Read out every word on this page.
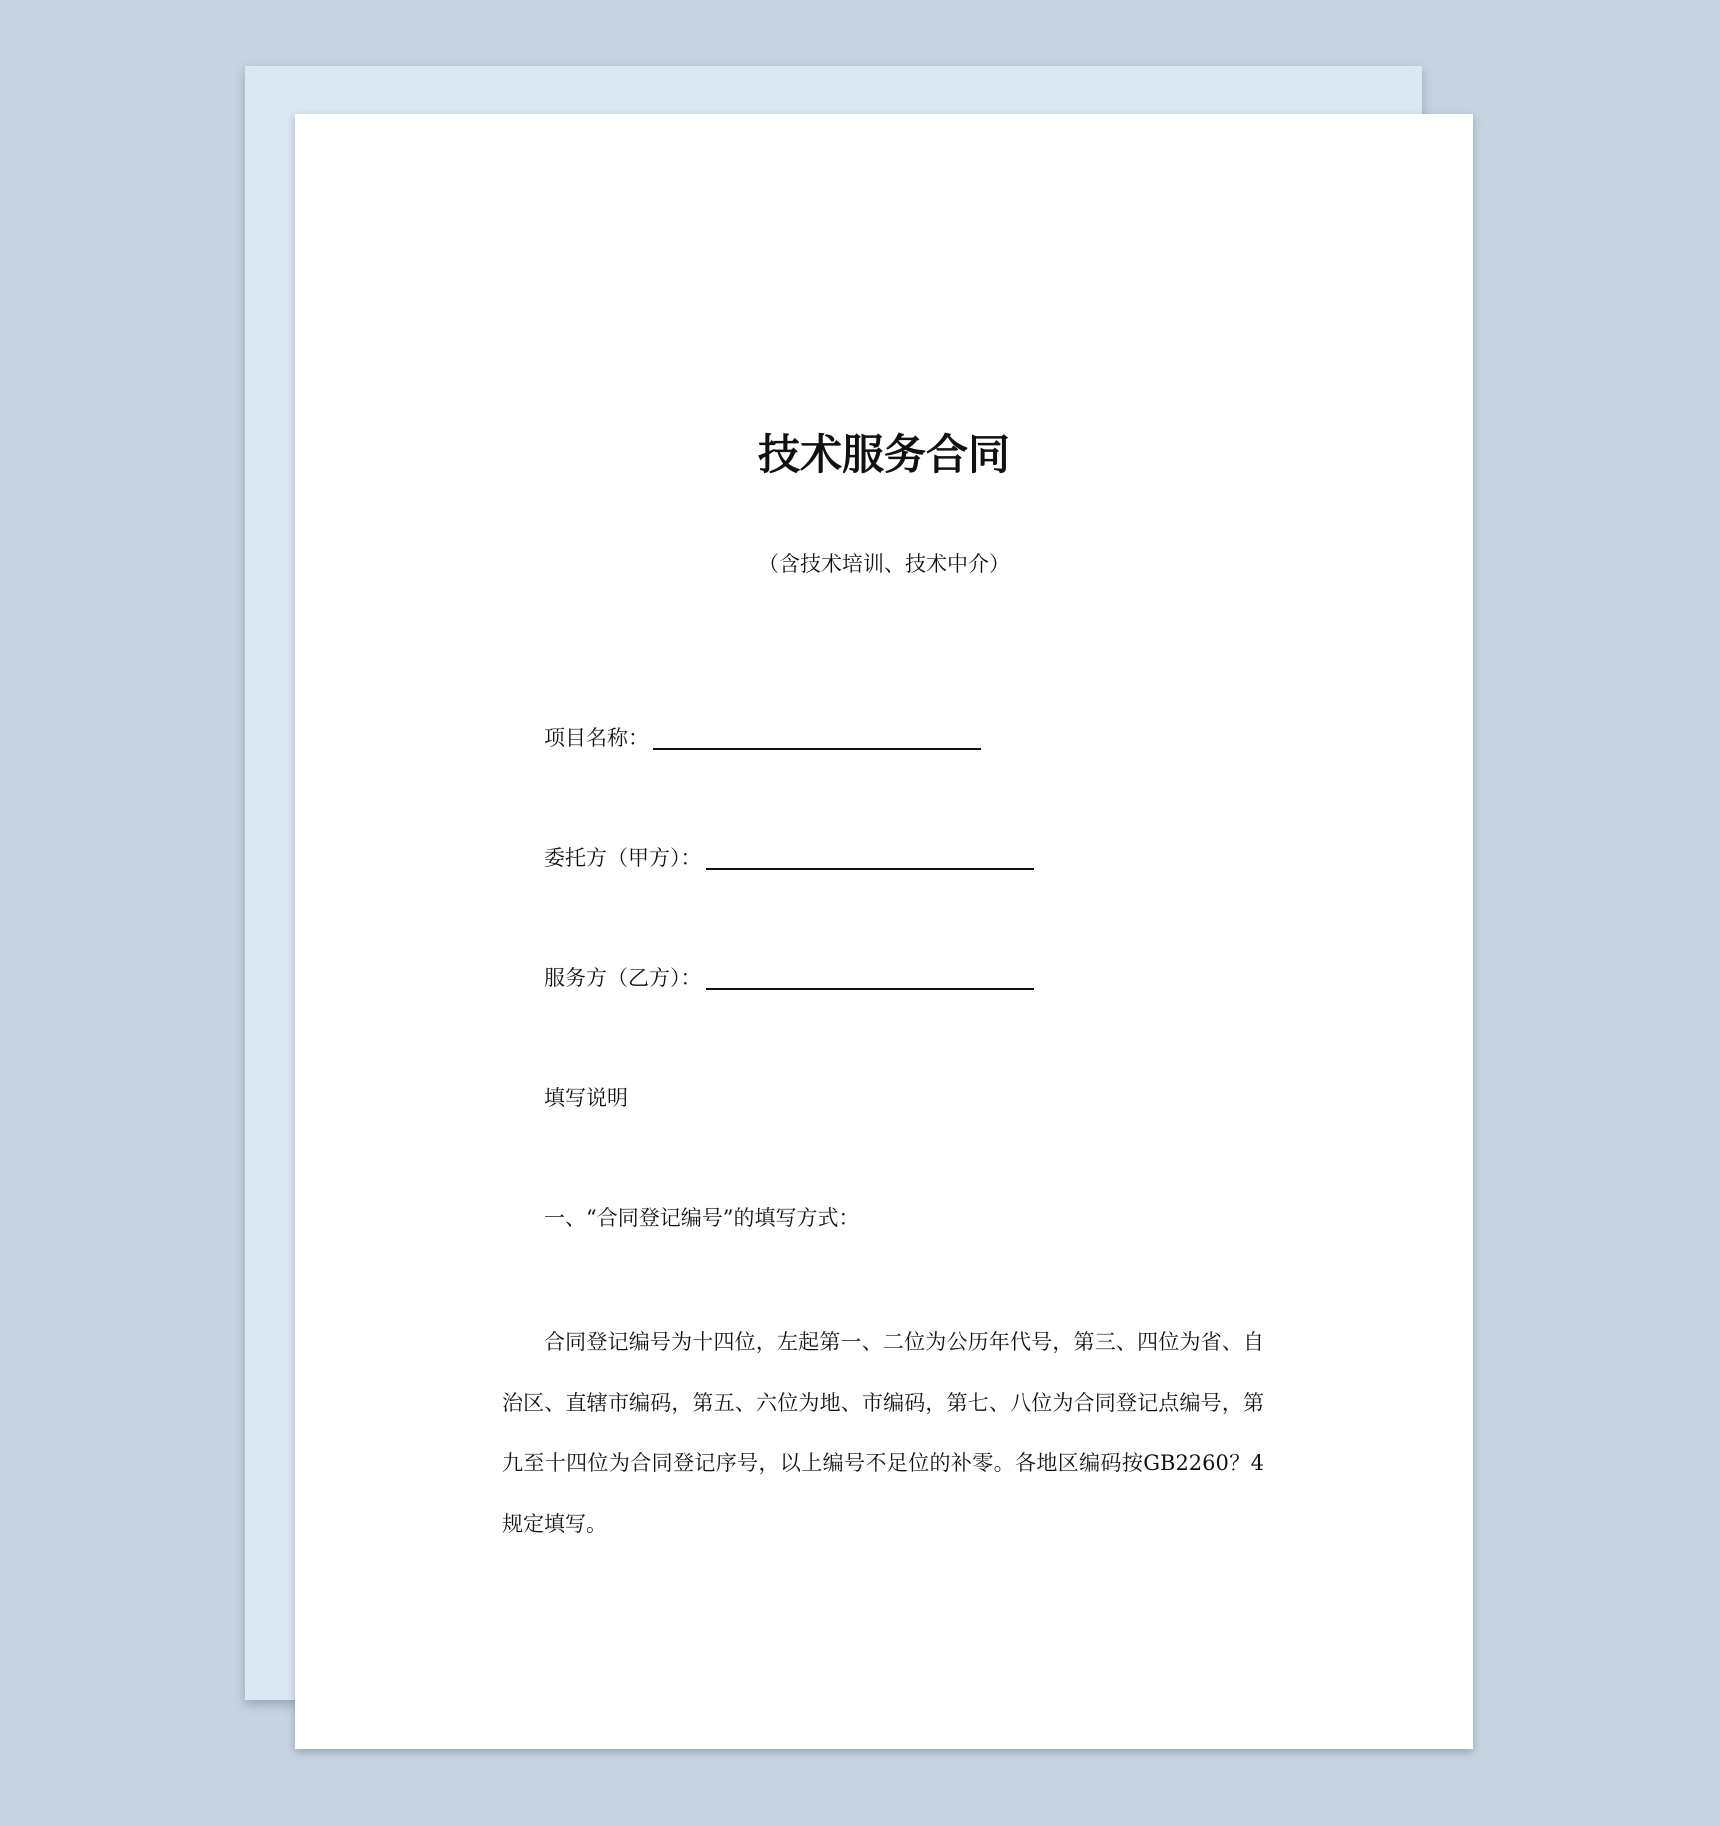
技术服务合同
（含技术培训、技术中介）
项目名称：
委托方（甲方）：
服务方（乙方）：
填写说明
一、“合同登记编号”的填写方式：
合同登记编号为十四位，左起第一、二位为公历年代号，第三、四位为省、自治区、直辖市编码，第五、六位为地、市编码，第七、八位为合同登记点编号，第九至十四位为合同登记序号，以上编号不足位的补零。各地区编码按GB2260？4规定填写。
